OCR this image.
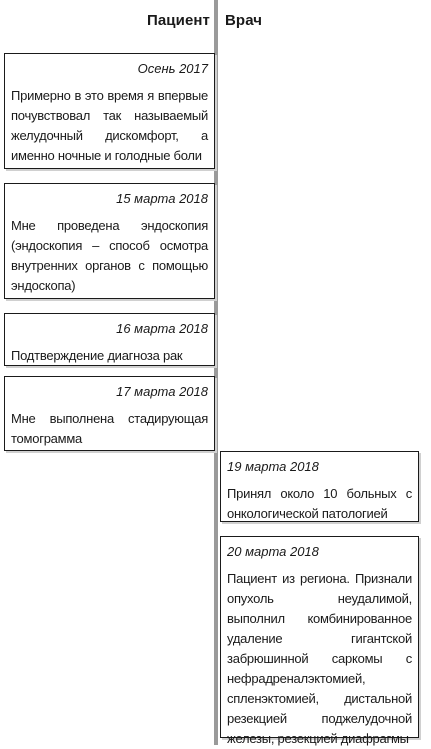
Пациент Врач
Осень 2017
Примерно в это время я впервые почувствовал так называемый желудочный дискомфорт, а именно ночные и голодные боли
15 марта 2018
Мне проведена эндоскопия (эндоскопия – способ осмотра внутренних органов с помощью эндоскопа)
16 марта 2018
Подтверждение диагноза рак
17 марта 2018
Мне выполнена стадирующая томограмма
19 марта 2018
Принял около 10 больных с онкологической патологией
20 марта 2018
Пациент из региона. Признали опухоль неудалимой, выполнил комбинированное удаление гигантской забрюшинной саркомы с нефрадреналэктомией, спленэктомией, дистальной резекцией поджелудочной железы, резекцией диафрагмы
